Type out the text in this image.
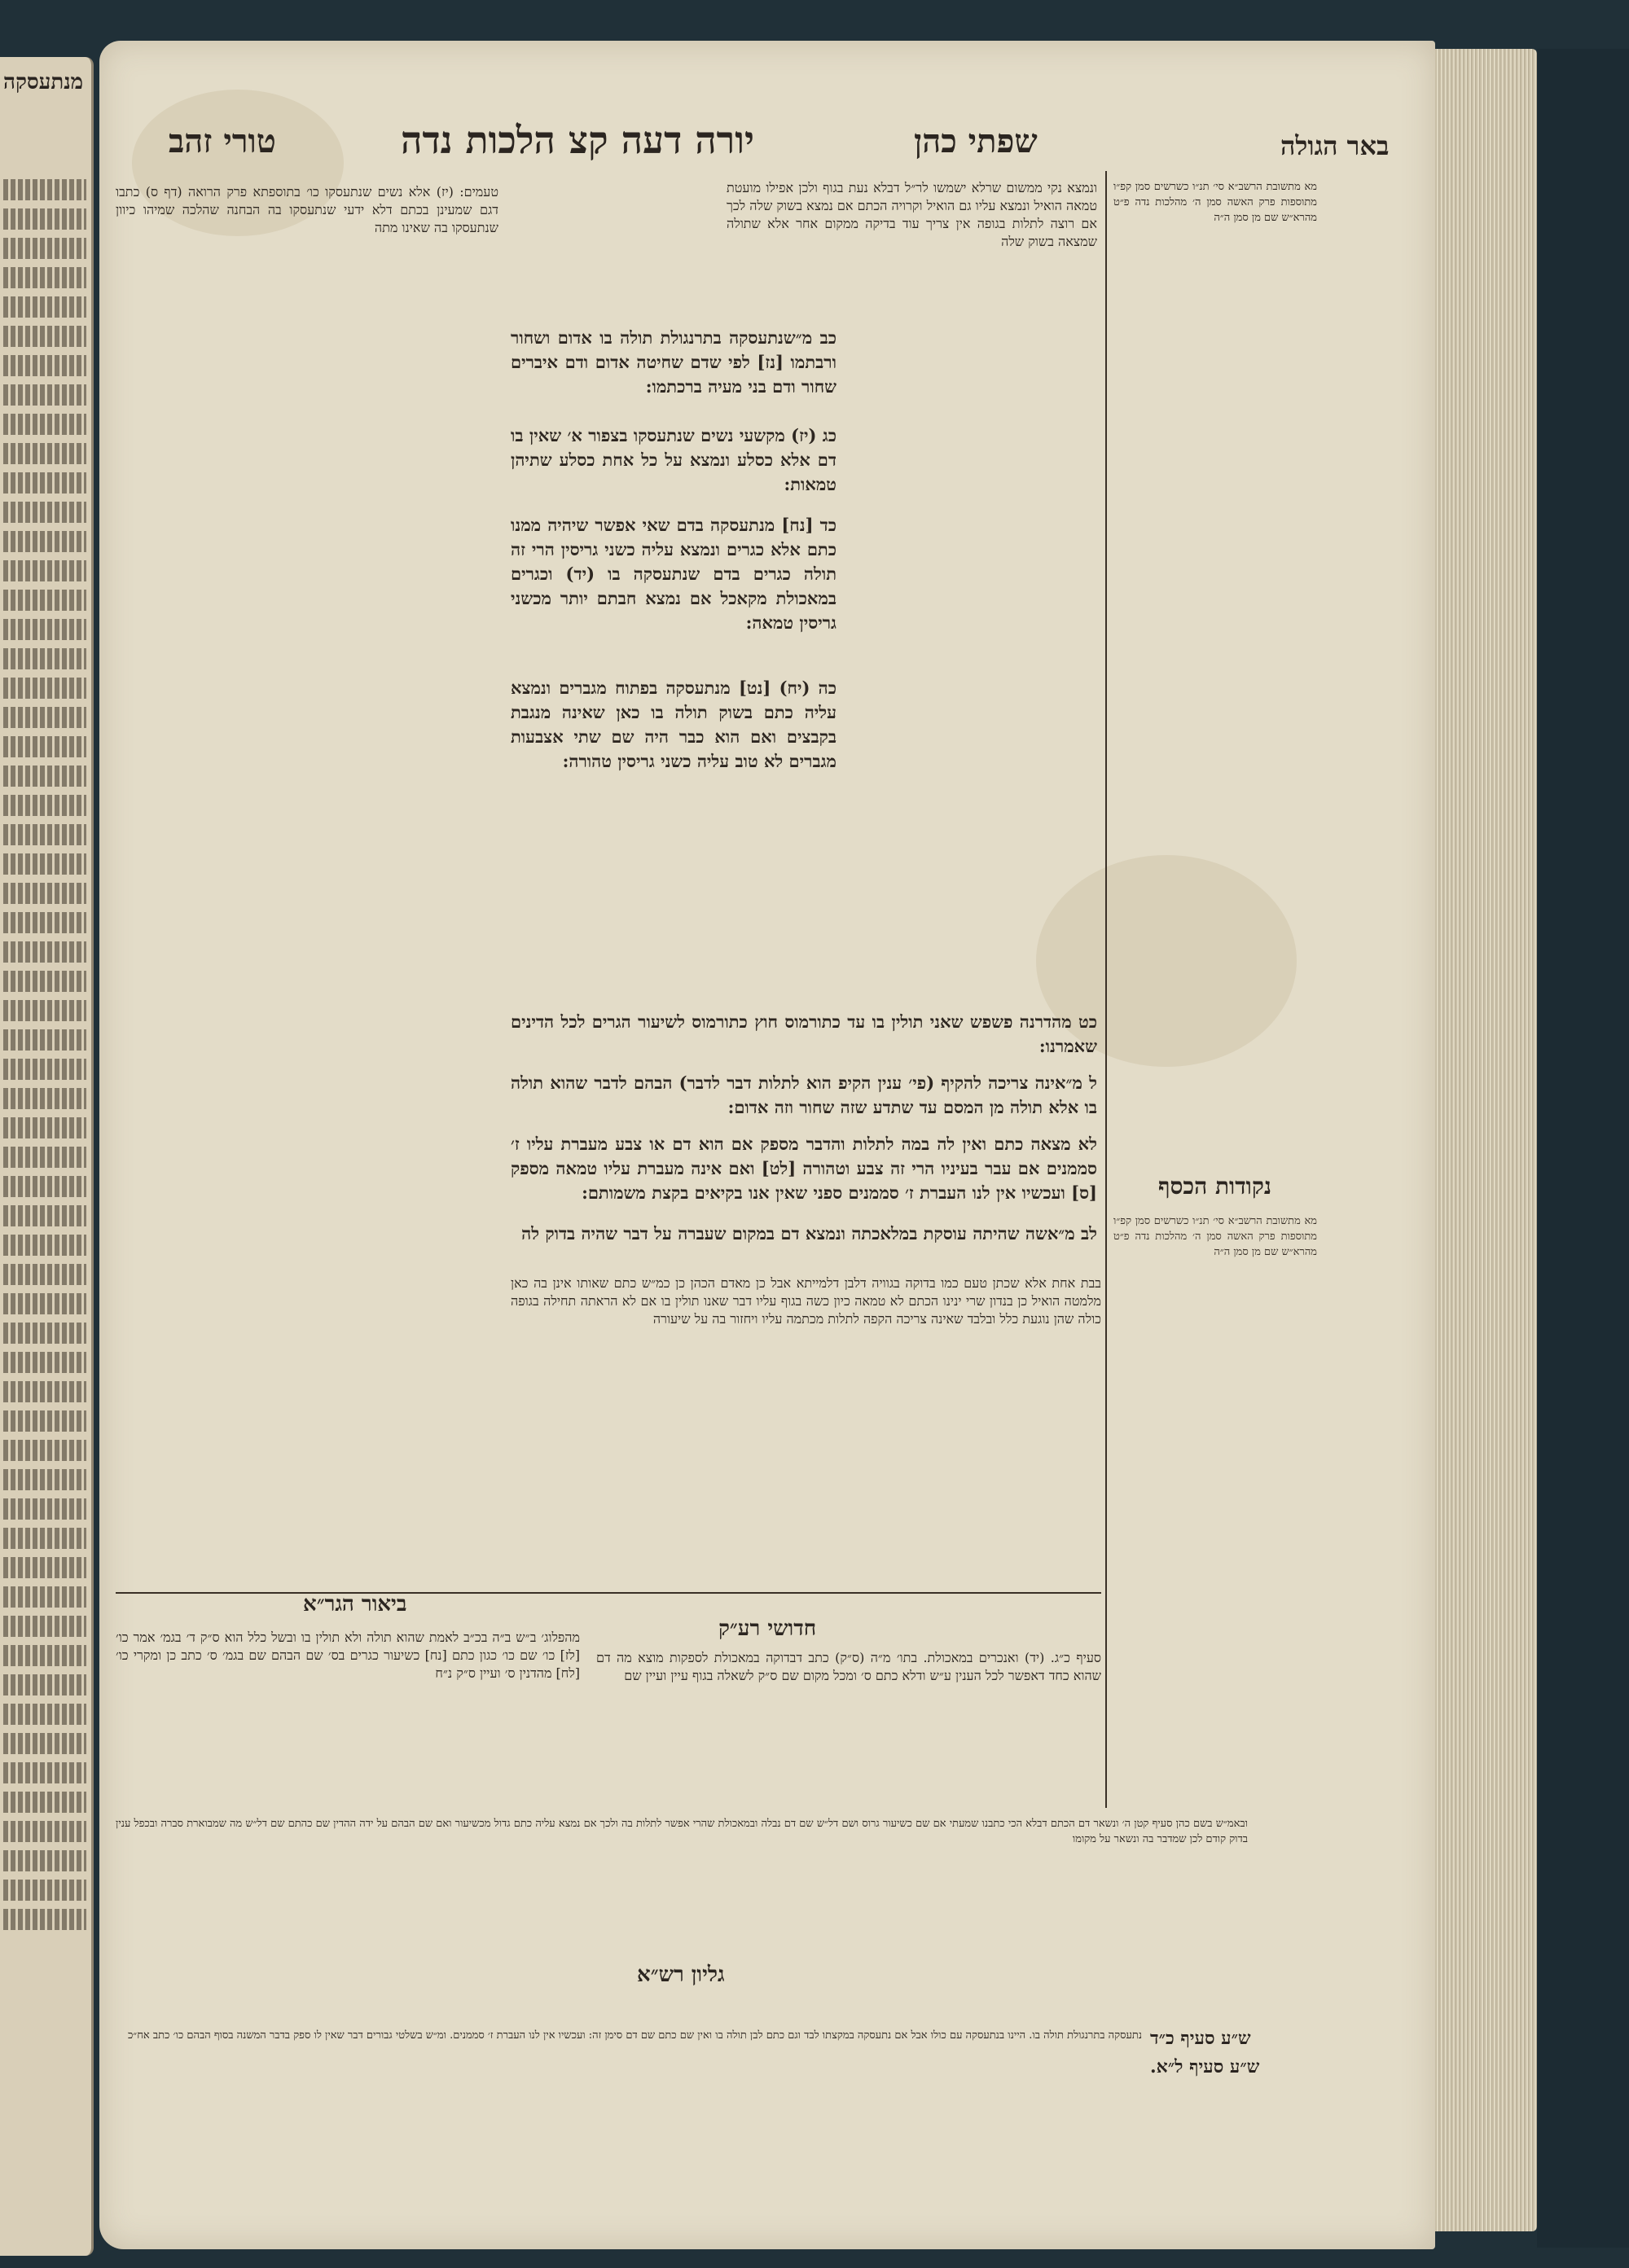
מנתעסקה
באר הגולה
שפתי כהן
יורה דעה קצ הלכות נדה
טורי זהב
מא מתשובת הרשב״א סי׳ תנ״ו כשרשים סמן קפ״ו מתוספות פרק האשה סמן ה׳ מהלכות נדה פ״ט מהרא״ש שם מן סמן ה״ה
נקודות הכסף
מא מתשובת הרשב״א סי׳ תנ״ו כשרשים סמן קפ״ו מתוספות פרק האשה סמן ה׳ מהלכות נדה פ״ט מהרא״ש שם מן סמן ה״ה
ונמצא נקי ממשום שרלא ישמשו לר״ל דבלא נעת בגוף ולכן אפילו מועטת טמאה הואיל ונמצא עליו גם הואיל וקרויה הכתם אם נמצא בשוק שלה לכך אם רוצה לתלות בגופה אין צריך עוד בדיקה ממקום אחר אלא שתולה שמצאה בשוק שלה
טעמים: (יז) אלא נשים שנתעסקו כו׳ בתוספתא פרק הרואה (דף ס) כתבו דגם שמעינן בכתם דלא ידעי שנתעסקו בה הבחנה שהלכה שמיהו כיוון שנתעסקו בה שאינו מתה
כב מ״שנתעסקה בתרנגולת תולה בו אדום ושחור ורבתמו [נז] לפי שדם שחיטה אדום ודם איברים שחור ודם בני מעיה ברכתמו:
כג (יז) מקשעי נשים שנתעסקו בצפור א׳ שאין בו דם אלא כסלע ונמצא על כל אחת כסלע שתיהן טמאות:
כד [נח] מנתעסקה בדם שאי אפשר שיהיה ממנו כתם אלא כגרים ונמצא עליה כשני גריסין הרי זה תולה כגרים בדם שנתעסקה בו (יד) וכגרים במאכולת מקאכל אם נמצא חבתם יותר מכשני גריסין טמאה:
כה (יח) [נט] מנתעסקה בפתוח מגברים ונמצא עליה כתם בשוק תולה בו כאן שאינה מנגבת בקבצים ואם הוא כבר היה שם שתי אצבעות מגברים לא טוב עליה כשני גריסין טהורה:
כט מהדרנה פשפש שאני תולין בו עד כתורמוס חוץ כתורמוס לשיעור הגרים לכל הדינים שאמרנו:
ל מ״אינה צריכה להקיף (פי׳ ענין הקיפ הוא לתלות דבר לדבר) הבהם לדבר שהוא תולה בו אלא תולה מן המסם עד שתדע שזה שחור וזה אדום:
לא מצאה כתם ואין לה במה לתלות והדבר מספק אם הוא דם או צבע מעברת עליו ז׳ סממנים אם עבר בעיניו הרי זה צבע וטהורה [לט] ואם אינה מעברת עליו טמאה מספק [ס] ועכשיו אין לנו העברת ז׳ סממנים ספני שאין אנו בקיאים בקצת משמותם:
לב מ״אשה שהיתה עוסקת במלאכתה ונמצא דם במקום שעברה על דבר שהיה בדוק לה
בבת אחת אלא שכתן טעם כמו בדוקה בגוויה דלבן דלמייתא אבל כן מאדם הכהן כן כמ״ש כתם שאותו אינן בה כאן מלמטה הואיל כן בנדון שרי ינינו הכתם לא טמאה כיון כשה בגוף עליו דבר שאנו תולין בו אם לא הראתה תחילה בגופה כולה שהן נוגעת כלל ובלבד שאינה צריכה הקפה לתלות מכתמה עליו ויחזור בה על שיעורה
חדושי רע״ק
ביאור הגר״א
סעיף כ״ג. (יד) ואנכרים במאכולת. בתו׳ מ״ה (ס״ק) כתב דבדוקה במאכולת לספקות מוצא מה דם שהוא כחד דאפשר לכל הענין ע״ש ודלא כתם ס׳ ומכל מקום שם ס״ק לשאלה בגוף עיין ועיין שם
מהפלוג׳ ב״ש ב״ה בכ״ב לאמת שהוא תולה ולא תולין בו ובשל כלל הוא ס״ק ד׳ בגמ׳ אמר כו׳ [לז] כו׳ שם כו׳ כגון כתם [נח] כשיעור כגרים בס׳ שם הבהם שם בגמ׳ ס׳ כתב כן ומקרי כו׳ [לח] מהדנין ס׳ ועיין ס״ק נ״ח
ובאמ״ש בשם כהן סעיף קטן ה׳ ונשאר דם הכתם דבלא הכי כתבנו שמעתי אם שם כשיעור גרוס ושם דל״ש שם דם נבלה ובמאכולת שהרי אפשר לתלות בה ולכך אם נמצא עליה כתם גדול מכשיעור ואם שם הבהם על ידה ההדין שם כהתם שם דל״ש מה שמבוארת סברה ובכפל ענין בדוק קודם לכן שמדבר בה ונשאר על מקומו
גליון רש״א
ש״ע סעיף כ״ד
ש״ע סעיף ל״א.
נתעסקה בתרנגולת תולה בו. היינו בנתעסקה עם כולו אבל אם נתעסקה במקצתו לבד וגם כתם לבן תולה בו ואין שם כתם שם דם סימן זה: ועכשיו אין לנו העברת ז׳ סממנים. ומ״ש בשלטי גבורים דבר שאין לו ספק בדבר המשנה בסוף הבהם כו׳ כתב אח״כ
